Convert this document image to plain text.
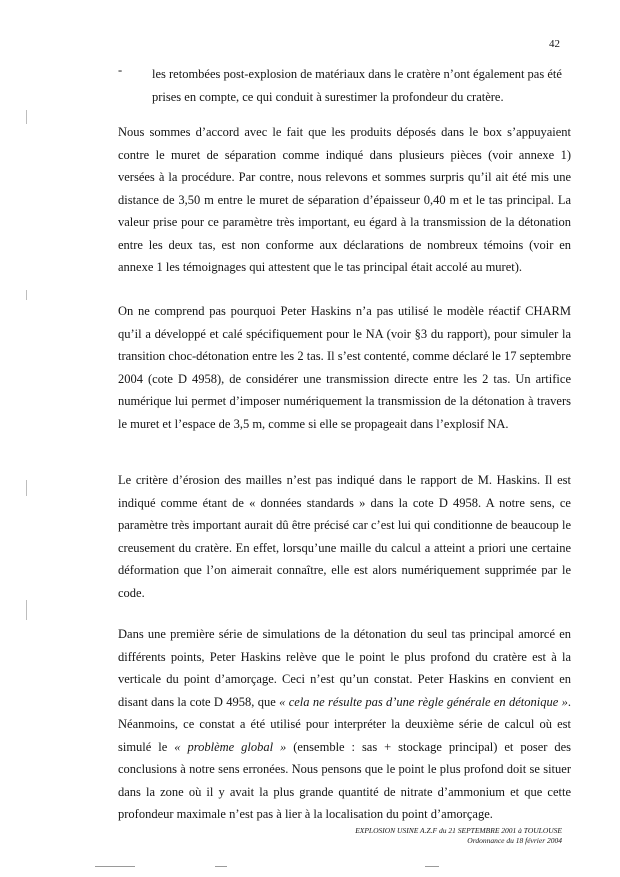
42
- les retombées post-explosion de matériaux dans le cratère n’ont également pas été prises en compte, ce qui conduit à surestimer la profondeur du cratère.

Nous sommes d’accord avec le fait que les produits déposés dans le box s’appuyaient contre le muret de séparation comme indiqué dans plusieurs pièces (voir annexe 1) versées à la procédure. Par contre, nous relevons et sommes surpris qu’il ait été mis une distance de 3,50 m entre le muret de séparation d’épaisseur 0,40 m et le tas principal. La valeur prise pour ce paramètre très important, eu égard à la transmission de la détonation entre les deux tas, est non conforme aux déclarations de nombreux témoins (voir en annexe 1 les témoignages qui attestent que le tas principal était accolé au muret).

On ne comprend pas pourquoi Peter Haskins n’a pas utilisé le modèle réactif CHARM qu’il a développé et calé spécifiquement pour le NA (voir §3 du rapport), pour simuler la transition choc-détonation entre les 2 tas. Il s’est contenté, comme déclaré le 17 septembre 2004 (cote D 4958), de considérer une transmission directe entre les 2 tas. Un artifice numérique lui permet d’imposer numériquement la transmission de la détonation à travers le muret et l’espace de 3,5 m, comme si elle se propageait dans l’explosif NA.

Le critère d’érosion des mailles n’est pas indiqué dans le rapport de M. Haskins. Il est indiqué comme étant de « données standards » dans la cote D 4958. A notre sens, ce paramètre très important aurait dû être précisé car c’est lui qui conditionne de beaucoup le creusement du cratère. En effet, lorsqu’une maille du calcul a atteint a priori une certaine déformation que l’on aimerait connaître, elle est alors numériquement supprimée par le code.

Dans une première série de simulations de la détonation du seul tas principal amorcé en différents points, Peter Haskins relève que le point le plus profond du cratère est à la verticale du point d’amorçage. Ceci n’est qu’un constat. Peter Haskins en convient en disant dans la cote D 4958, que « cela ne résulte pas d’une règle générale en détonique ». Néanmoins, ce constat a été utilisé pour interpréter la deuxième série de calcul où est simulé le « problème global » (ensemble : sas + stockage principal) et poser des conclusions à notre sens erronées. Nous pensons que le point le plus profond doit se situer dans la zone où il y avait la plus grande quantité de nitrate d’ammonium et que cette profondeur maximale n’est pas à lier à la localisation du point d’amorçage.

EXPLOSION USINE A.Z.F du 21 SEPTEMBRE 2001 à TOULOUSE
Ordonnance du 18 février 2004
